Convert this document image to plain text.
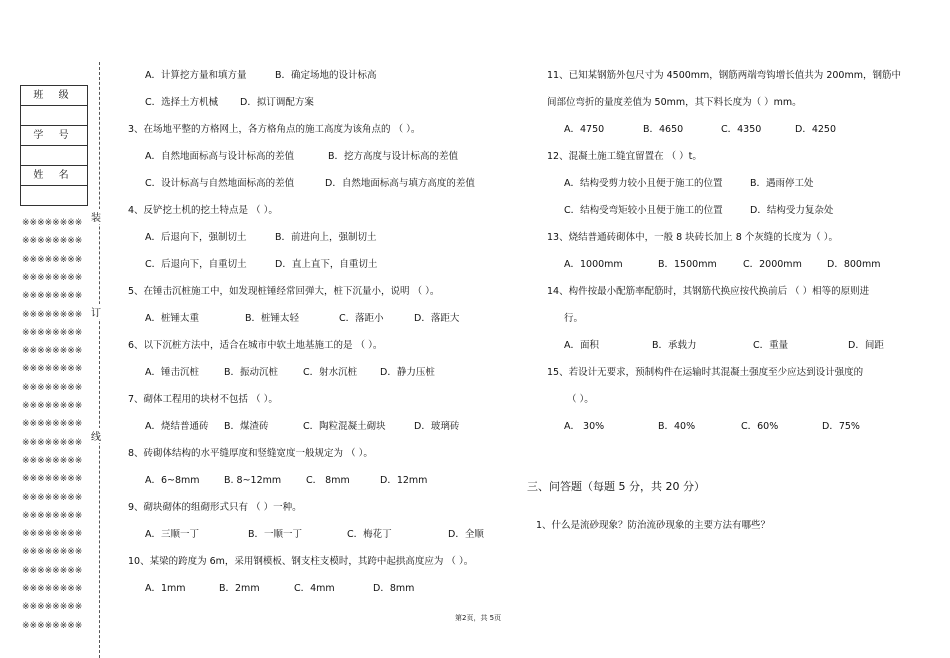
班 级
学 号
姓 名
※※※※※※※※
※※※※※※※※
※※※※※※※※
※※※※※※※※
※※※※※※※※
※※※※※※※※
※※※※※※※※
※※※※※※※※
※※※※※※※※
※※※※※※※※
※※※※※※※※
※※※※※※※※
※※※※※※※※
※※※※※※※※
※※※※※※※※
※※※※※※※※
※※※※※※※※
※※※※※※※※
※※※※※※※※
※※※※※※※※
※※※※※※※※
※※※※※※※※
※※※※※※※※
装
订
线
A．计算挖方量和填方量	B．确定场地的设计标高
C．选择土方机械 D．拟订调配方案
3、在场地平整的方格网上，各方格角点的施工高度为该角点的 （ ）。
A．自然地面标高与设计标高的差值	B．挖方高度与设计标高的差值
C．设计标高与自然地面标高的差值	D．自然地面标高与填方高度的差值
4、反铲挖土机的挖土特点是 （ ）。
A．后退向下，强制切土	B．前进向上，强制切土
C．后退向下，自重切土	D．直上直下，自重切土
5、在锤击沉桩施工中，如发现桩锤经常回弹大，桩下沉量小，说明 （ ）。
A．桩锤太重	B．桩锤太轻	C．落距小	D．落距大
6、以下沉桩方法中，适合在城市中软土地基施工的是 （ ）。
A．锤击沉桩	B．振动沉桩	C．射水沉桩 D．静力压桩
7、砌体工程用的块材不包括 （ ）。
A．烧结普通砖 B．煤渣砖	C．陶粒混凝土砌块	D．玻璃砖
8、砖砌体结构的水平缝厚度和竖缝宽度一般规定为 （ ）。
A．6~8mm	B. 8~12mm	C． 8mm	D．12mm
9、砌块砌体的组砌形式只有 （ ）一种。
A．三顺一丁	B．一顺一丁	C．梅花丁	D．全顺
10、某梁的跨度为 6m，采用钢模板、钢支柱支模时，其跨中起拱高度应为 （ ）。
A．1mm	B．2mm	C．4mm	D．8mm
11、已知某钢筋外包尺寸为 4500mm，钢筋两端弯钩增长值共为 200mm，钢筋中
间部位弯折的量度差值为 50mm，其下料长度为（ ）mm。
A．4750	B．4650	C．4350	D．4250
12、混凝土施工缝宜留置在 （ ）t。
A．结构受剪力较小且便于施工的位置	B．遇雨停工处
C．结构受弯矩较小且便于施工的位置	D．结构受力复杂处
13、烧结普通砖砌体中，一般 8 块砖长加上 8 个灰缝的长度为（ ）。
A．1000mm	B．1500mm	C．2000mm	D．800mm
14、构件按最小配筋率配筋时，其钢筋代换应按代换前后 （ ）相等的原则进
行。
A．面积	B．承载力	C．重量	D．间距
15、若设计无要求，预制构件在运输时其混凝土强度至少应达到设计强度的
（ ）。
A． 30%	B．40%	C．60%	D．75%
三、问答题（每题 5 分，共 20 分）
1、什么是流砂现象？防治流砂现象的主要方法有哪些？
第2页，共 5页
